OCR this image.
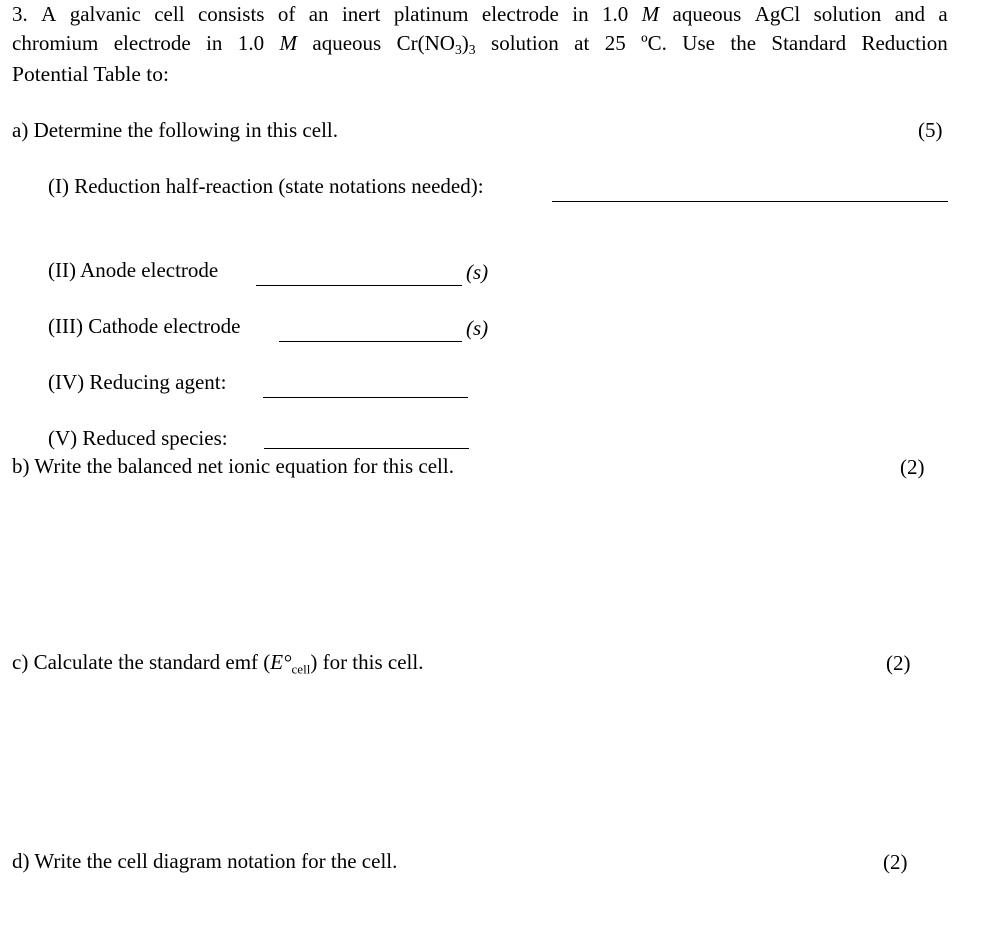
3. A galvanic cell consists of an inert platinum electrode in 1.0 M aqueous AgCl solution and a
chromium electrode in 1.0 M aqueous $Cr(NO_3)_3$ solution at 25 ºC. Use the Standard Reduction
Potential Table to:
a) Determine the following in this cell.	(5)
(I) Reduction half-reaction (state notations needed):
(II) Anode electrode	(s)
(III) Cathode electrode	(s)
(IV) Reducing agent:
(V) Reduced species:
b) Write the balanced net ionic equation for this cell.	(2)
c) Calculate the standard emf $(E^\circ_{cell})$ for this cell.	(2)
d) Write the cell diagram notation for the cell.	(2)
